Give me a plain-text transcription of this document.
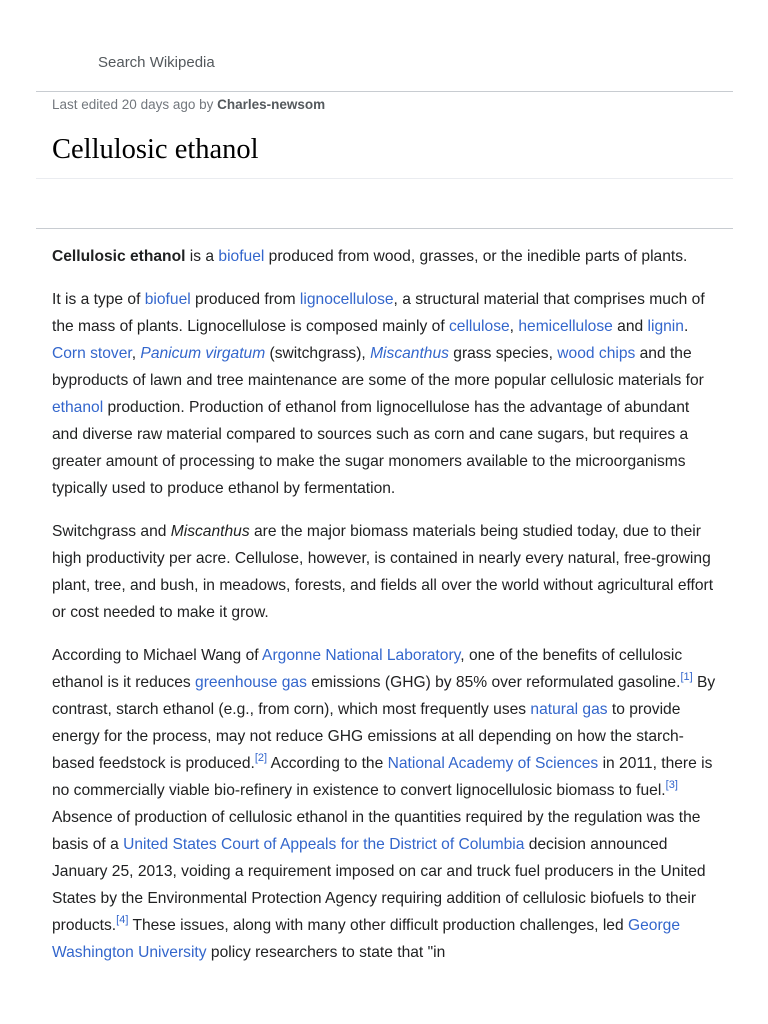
Search Wikipedia
Last edited 20 days ago by Charles-newsom
Cellulosic ethanol

Cellulosic ethanol is a biofuel produced from wood, grasses, or the inedible parts of plants.

It is a type of biofuel produced from lignocellulose, a structural material that comprises much of the mass of plants. Lignocellulose is composed mainly of cellulose, hemicellulose and lignin. Corn stover, Panicum virgatum (switchgrass), Miscanthus grass species, wood chips and the byproducts of lawn and tree maintenance are some of the more popular cellulosic materials for ethanol production. Production of ethanol from lignocellulose has the advantage of abundant and diverse raw material compared to sources such as corn and cane sugars, but requires a greater amount of processing to make the sugar monomers available to the microorganisms typically used to produce ethanol by fermentation.

Switchgrass and Miscanthus are the major biomass materials being studied today, due to their high productivity per acre. Cellulose, however, is contained in nearly every natural, free-growing plant, tree, and bush, in meadows, forests, and fields all over the world without agricultural effort or cost needed to make it grow.

According to Michael Wang of Argonne National Laboratory, one of the benefits of cellulosic ethanol is it reduces greenhouse gas emissions (GHG) by 85% over reformulated gasoline.[1] By contrast, starch ethanol (e.g., from corn), which most frequently uses natural gas to provide energy for the process, may not reduce GHG emissions at all depending on how the starch-based feedstock is produced.[2] According to the National Academy of Sciences in 2011, there is no commercially viable bio-refinery in existence to convert lignocellulosic biomass to fuel.[3] Absence of production of cellulosic ethanol in the quantities required by the regulation was the basis of a United States Court of Appeals for the District of Columbia decision announced January 25, 2013, voiding a requirement imposed on car and truck fuel producers in the United States by the Environmental Protection Agency requiring addition of cellulosic biofuels to their products.[4] These issues, along with many other difficult production challenges, led George Washington University policy researchers to state that "in
